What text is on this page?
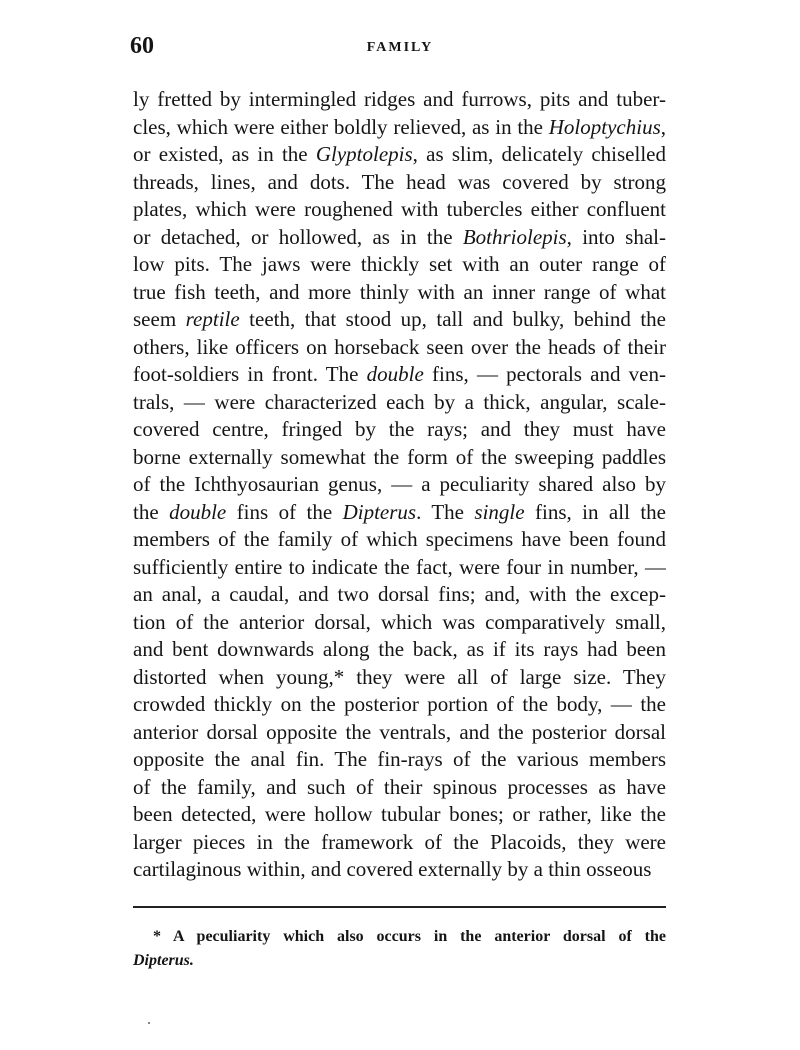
60	FAMILY
ly fretted by intermingled ridges and furrows, pits and tuber-
cles, which were either boldly relieved, as in the Holoptychius,
or existed, as in the Glyptolepis, as slim, delicately chiselled
threads, lines, and dots. The head was covered by strong
plates, which were roughened with tubercles either confluent
or detached, or hollowed, as in the Bothriolepis, into shal-
low pits. The jaws were thickly set with an outer range of
true fish teeth, and more thinly with an inner range of what
seem reptile teeth, that stood up, tall and bulky, behind the
others, like officers on horseback seen over the heads of their
foot-soldiers in front. The double fins, — pectorals and ven-
trals, — were characterized each by a thick, angular, scale-
covered centre, fringed by the rays; and they must have
borne externally somewhat the form of the sweeping paddles
of the Ichthyosaurian genus, — a peculiarity shared also by
the double fins of the Dipterus. The single fins, in all the
members of the family of which specimens have been found
sufficiently entire to indicate the fact, were four in number, —
an anal, a caudal, and two dorsal fins; and, with the excep-
tion of the anterior dorsal, which was comparatively small,
and bent downwards along the back, as if its rays had been
distorted when young,* they were all of large size. They
crowded thickly on the posterior portion of the body, — the
anterior dorsal opposite the ventrals, and the posterior dorsal
opposite the anal fin. The fin-rays of the various members
of the family, and such of their spinous processes as have
been detected, were hollow tubular bones; or rather, like the
larger pieces in the framework of the Placoids, they were
cartilaginous within, and covered externally by a thin osseous
* A peculiarity which also occurs in the anterior dorsal of the
Dipterus.
